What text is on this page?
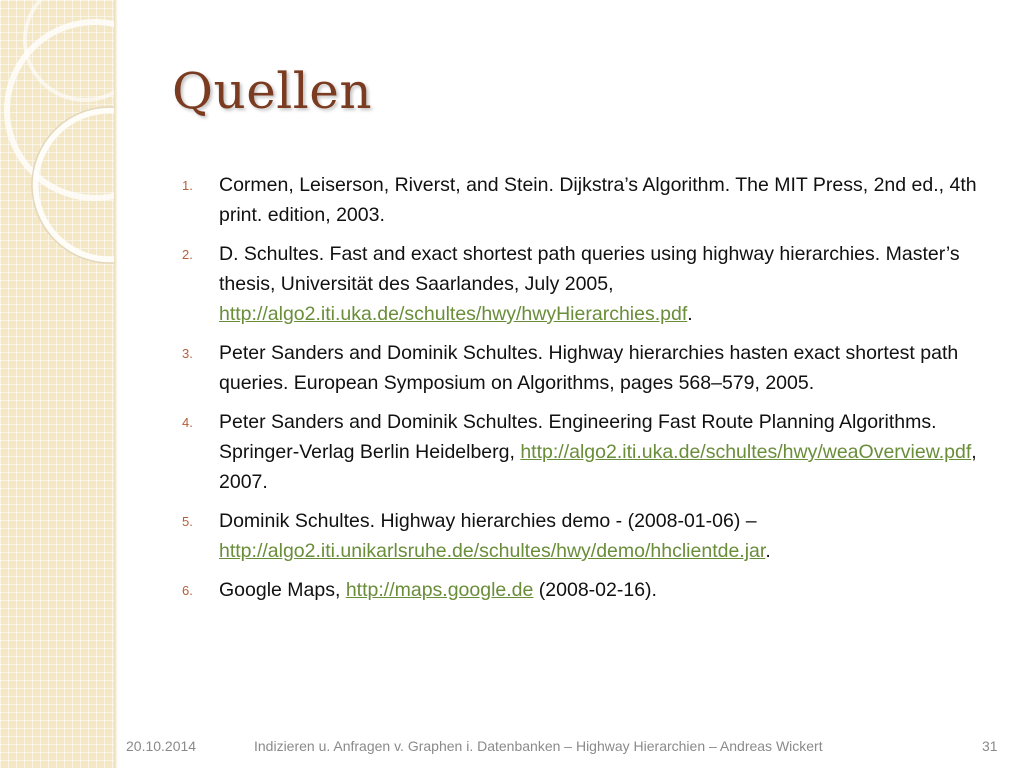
Quellen
1. Cormen, Leiserson, Riverst, and Stein. Dijkstra’s Algorithm. The MIT Press, 2nd ed., 4th print. edition, 2003.
2. D. Schultes. Fast and exact shortest path queries using highway hierarchies. Master’s thesis, Universität des Saarlandes, July 2005, http://algo2.iti.uka.de/schultes/hwy/hwyHierarchies.pdf.
3. Peter Sanders and Dominik Schultes. Highway hierarchies hasten exact shortest path queries. European Symposium on Algorithms, pages 568–579, 2005.
4. Peter Sanders and Dominik Schultes. Engineering Fast Route Planning Algorithms. Springer-Verlag Berlin Heidelberg, http://algo2.iti.uka.de/schultes/hwy/weaOverview.pdf, 2007.
5. Dominik Schultes. Highway hierarchies demo - (2008-01-06) – http://algo2.iti.unikarlsruhe.de/schultes/hwy/demo/hhclientde.jar.
6. Google Maps, http://maps.google.de (2008-02-16).
20.10.2014	Indizieren u. Anfragen v. Graphen i. Datenbanken – Highway Hierarchien – Andreas Wickert	31
